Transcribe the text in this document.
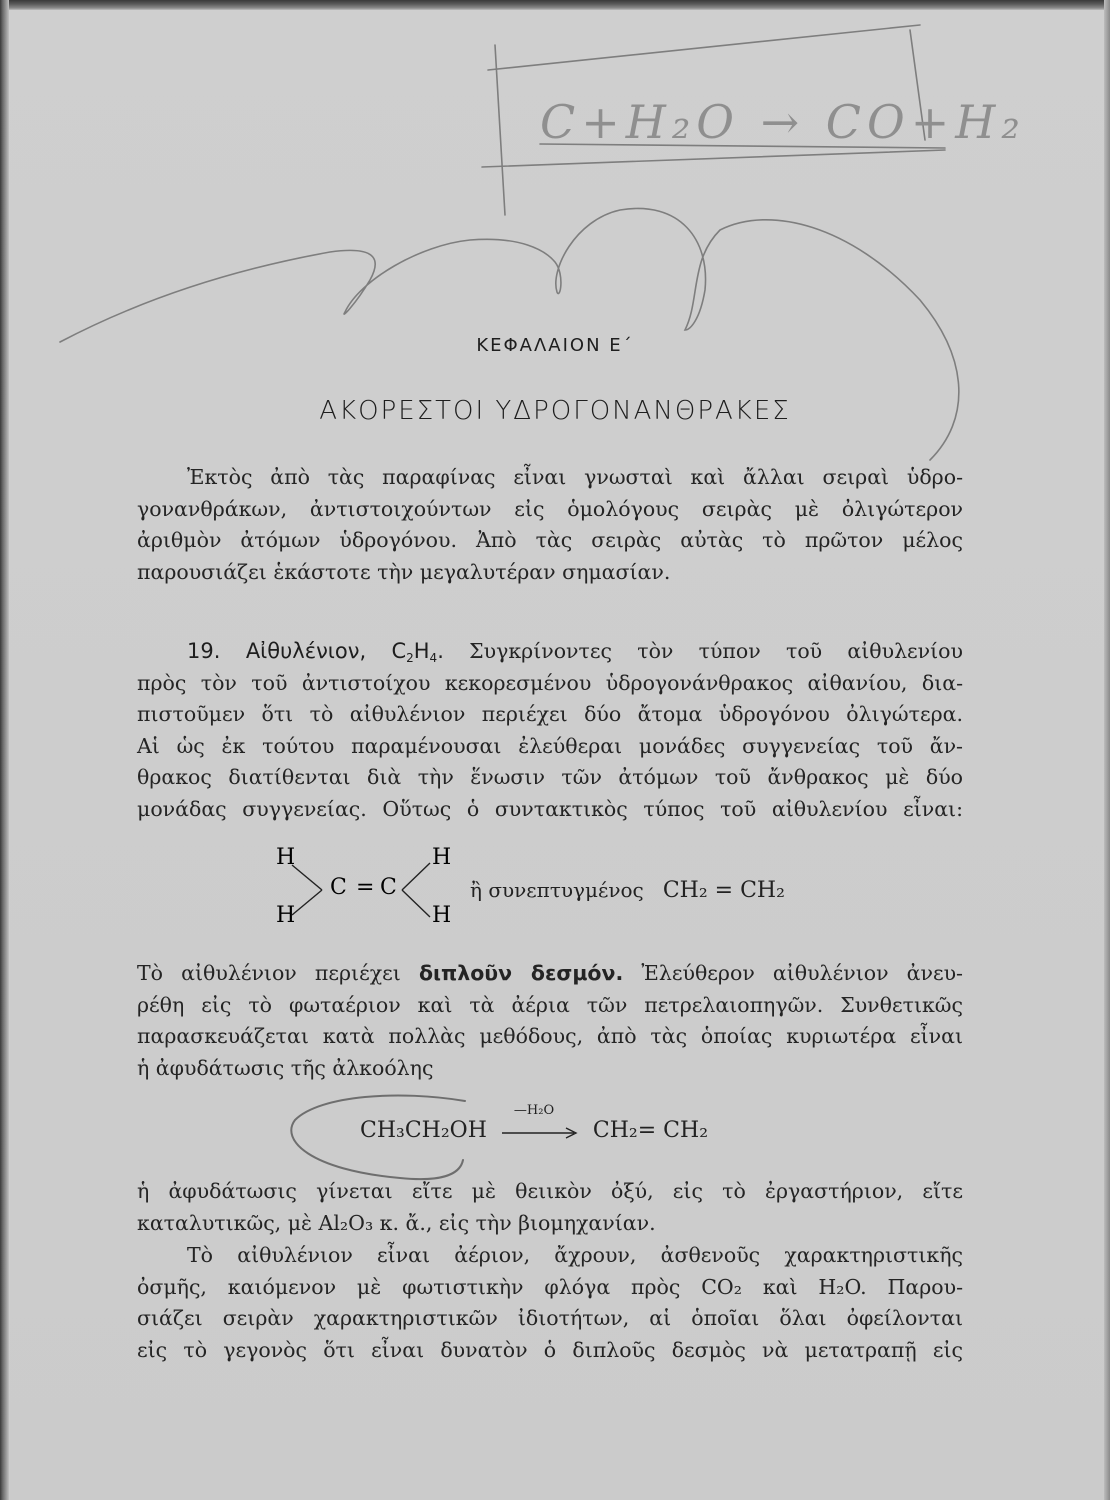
C+H₂O → CO+H₂
ΚΕΦΑΛΑΙΟΝ Ε΄
ΑΚΟΡΕΣΤΟΙ ΥΔΡΟΓΟΝΑΝΘΡΑΚΕΣ
Ἐκτὸς ἀπὸ τὰς παραφίνας εἶναι γνωσταὶ καὶ ἄλλαι σειραὶ ὑδρο-
γονανθράκων, ἀντιστοιχούντων εἰς ὁμολόγους σειρὰς μὲ ὀλιγώτερον
ἀριθμὸν ἀτόμων ὑδρογόνου. Ἀπὸ τὰς σειρὰς αὐτὰς τὸ πρῶτον μέλος
παρουσιάζει ἑκάστοτε τὴν μεγαλυτέραν σημασίαν.
19. Αἰθυλένιον, $C_2H_4$. Συγκρίνοντες τὸν τύπον τοῦ αἰθυλενίου
πρὸς τὸν τοῦ ἀντιστοίχου κεκορεσμένου ὑδρογονάνθρακος αἰθανίου, δια-
πιστοῦμεν ὅτι τὸ αἰθυλένιον περιέχει δύο ἄτομα ὑδρογόνου ὀλιγώτερα.
Αἱ ὡς ἐκ τούτου παραμένουσαι ἐλεύθεραι μονάδες συγγενείας τοῦ ἄν-
θρακος διατίθενται διὰ τὴν ἕνωσιν τῶν ἀτόμων τοῦ ἄνθρακος μὲ δύο
μονάδας συγγενείας. Οὕτως ὁ συντακτικὸς τύπος τοῦ αἰθυλενίου εἶναι:
H
H
C = C
H
H
ἢ συνεπτυγμένος CH₂ = CH₂
Τὸ αἰθυλένιον περιέχει διπλοῦν δεσμόν. Ἐλεύθερον αἰθυλένιον ἀνευ-
ρέθη εἰς τὸ φωταέριον καὶ τὰ ἀέρια τῶν πετρελαιοπηγῶν. Συνθετικῶς
παρασκευάζεται κατὰ πολλὰς μεθόδους, ἀπὸ τὰς ὁποίας κυριωτέρα εἶναι
ἡ ἀφυδάτωσις τῆς ἀλκοόλης
CH₃CH₂OH
—H₂O
CH₂= CH₂
ἡ ἀφυδάτωσις γίνεται εἴτε μὲ θειικὸν ὀξύ, εἰς τὸ ἐργαστήριον, εἴτε
καταλυτικῶς, μὲ Al₂O₃ κ. ἄ., εἰς τὴν βιομηχανίαν.
Τὸ αἰθυλένιον εἶναι ἀέριον, ἄχρουν, ἀσθενοῦς χαρακτηριστικῆς
ὀσμῆς, καιόμενον μὲ φωτιστικὴν φλόγα πρὸς CO₂ καὶ H₂O. Παρου-
σιάζει σειρὰν χαρακτηριστικῶν ἰδιοτήτων, αἱ ὁποῖαι ὅλαι ὀφείλονται
εἰς τὸ γεγονὸς ὅτι εἶναι δυνατὸν ὁ διπλοῦς δεσμὸς νὰ μετατραπῇ εἰς
